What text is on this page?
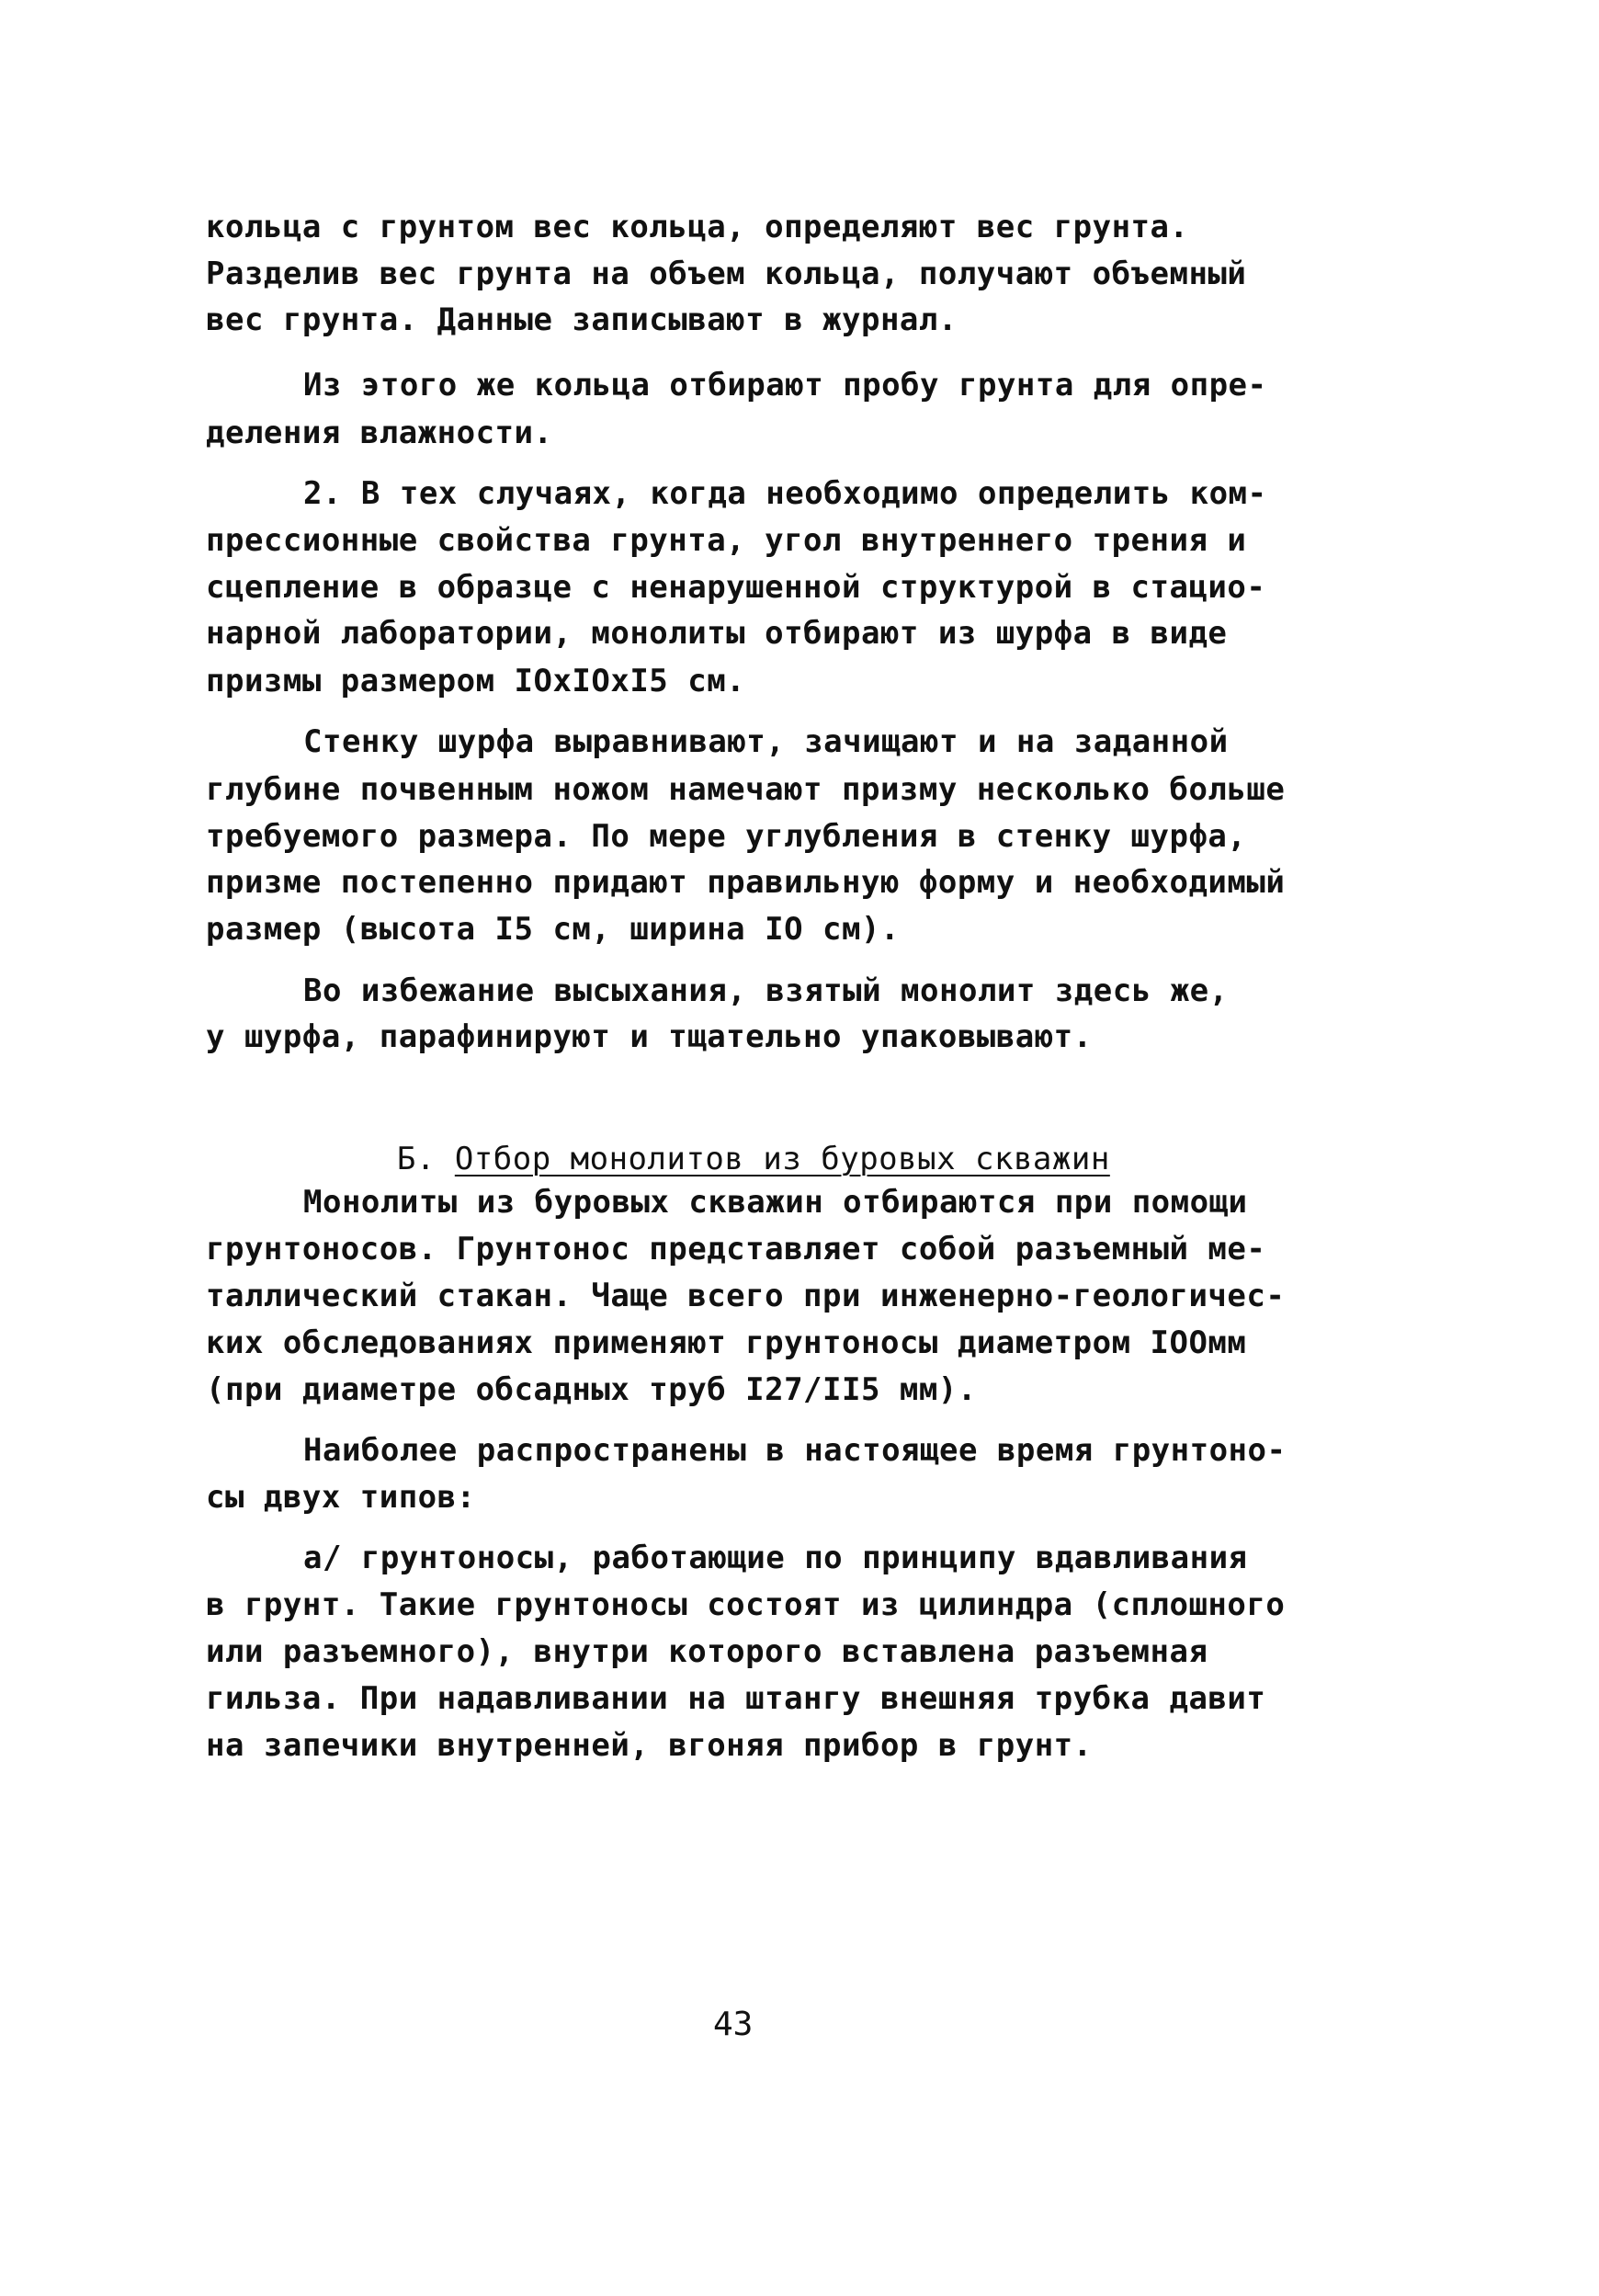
кольца с грунтом вес кольца, определяют вес грунта.
Разделив вес грунта на объем кольца, получают объемный
вес грунта. Данные записывают в журнал.
Из этого же кольца отбирают пробу грунта для опре-
деления влажности.
2. В тех случаях, когда необходимо определить ком-
прессионные свойства грунта, угол внутреннего трения и
сцепление в образце с ненарушенной структурой в стацио-
нарной лаборатории, монолиты отбирают из шурфа в виде
призмы размером IOxIOxI5 см.
Стенку шурфа выравнивают, зачищают и на заданной
глубине почвенным ножом намечают призму несколько больше
требуемого размера. По мере углубления в стенку шурфа,
призме постепенно придают правильную форму и необходимый
размер (высота I5 см, ширина IO см).
Во избежание высыхания, взятый монолит здесь же,
у шурфа, парафинируют и тщательно упаковывают.

Б. Отбор монолитов из буровых скважин

Монолиты из буровых скважин отбираются при помощи
грунтоносов. Грунтонос представляет собой разъемный ме-
таллический стакан. Чаще всего при инженерно-геологичес-
ких обследованиях применяют грунтоносы диаметром IOOмм
(при диаметре обсадных труб I27/II5 мм).
Наиболее распространены в настоящее время грунтоно-
сы двух типов:
а/ грунтоносы, работающие по принципу вдавливания
в грунт. Такие грунтоносы состоят из цилиндра (сплошного
или разъемного), внутри которого вставлена разъемная
гильза. При надавливании на штангу внешняя трубка давит
на запечики внутренней, вгоняя прибор в грунт.
43
